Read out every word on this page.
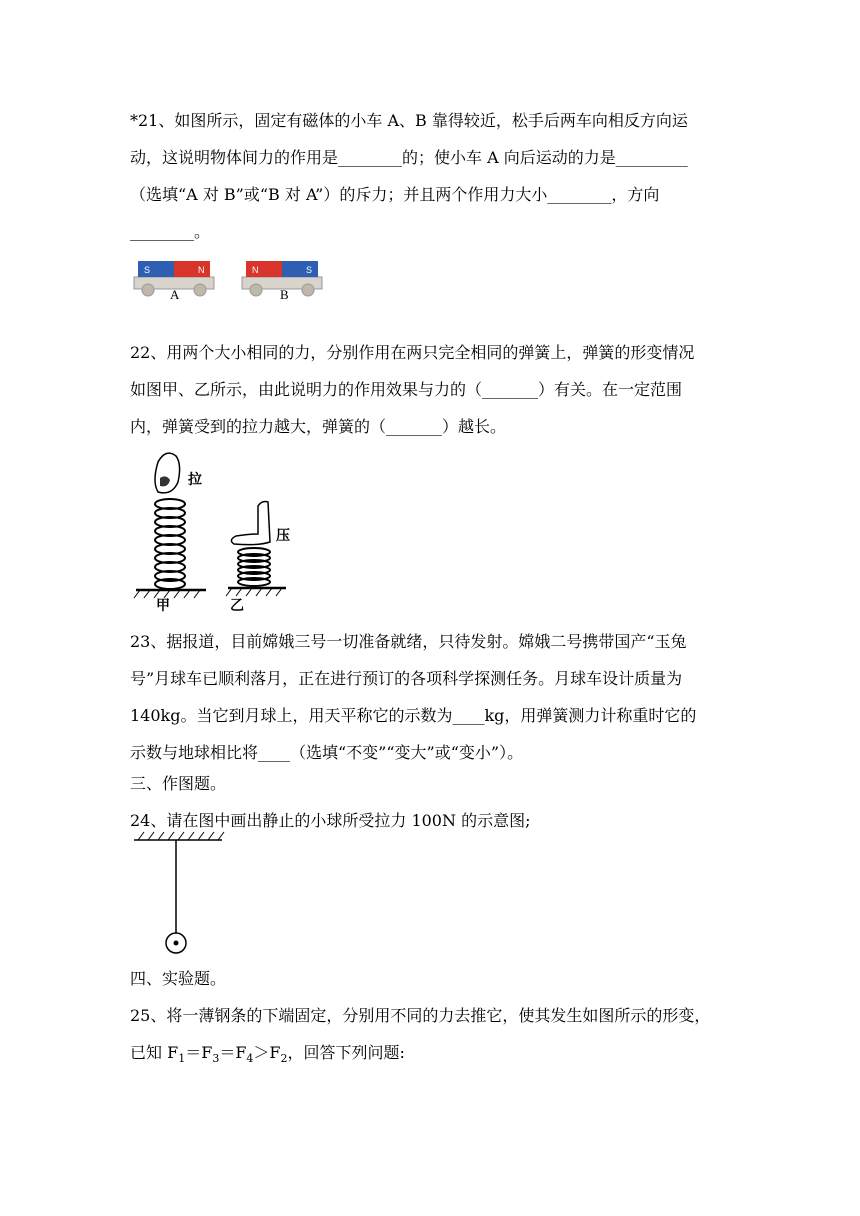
*21、如图所示，固定有磁体的小车 A、B 靠得较近，松手后两车向相反方向运
动，这说明物体间力的作用是________的；使小车 A 向后运动的力是_________
（选填“A 对 B”或“B 对 A”）的斥力；并且两个作用力大小________，方向
________。
S	N
A
N	S
B
22、用两个大小相同的力，分别作用在两只完全相同的弹簧上，弹簧的形变情况
如图甲、乙所示，由此说明力的作用效果与力的（_______）有关。在一定范围
内，弹簧受到的拉力越大，弹簧的（_______）越长。
拉
甲
压
乙
23、据报道，目前嫦娥三号一切准备就绪，只待发射。嫦娥二号携带国产“玉兔
号”月球车已顺利落月，正在进行预订的各项科学探测任务。月球车设计质量为
140kg。当它到月球上，用天平称它的示数为____kg，用弹簧测力计称重时它的
示数与地球相比将____（选填“不变”“变大”或“变小”）。
三、作图题。
24、请在图中画出静止的小球所受拉力 100N 的示意图;
四、实验题。
25、将一薄钢条的下端固定，分别用不同的力去推它，使其发生如图所示的形变，
已知 $F_1=F_3=F_4>F_2$，回答下列问题:
